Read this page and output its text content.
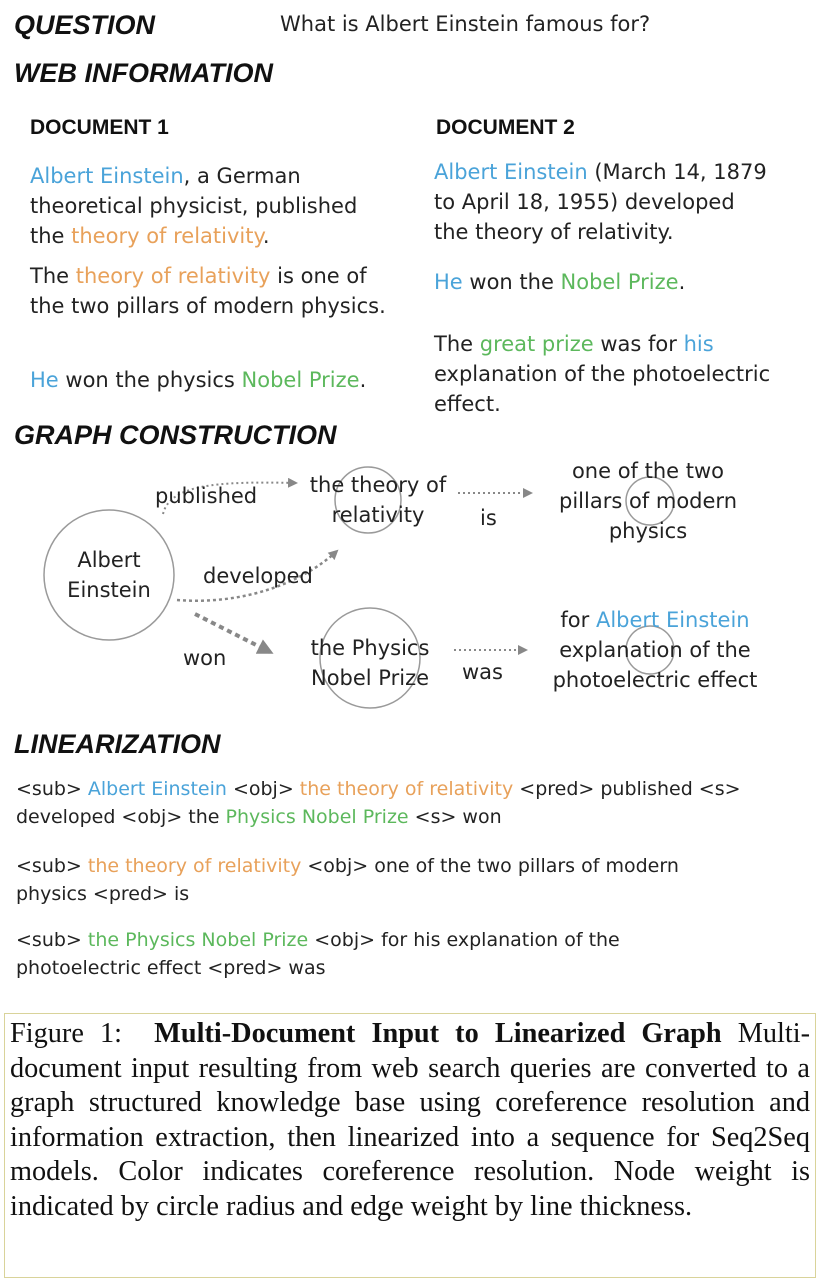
QUESTION	What is Albert Einstein famous for?
WEB INFORMATION
DOCUMENT 1
Albert Einstein, a German
theoretical physicist, published
the theory of relativity.
The theory of relativity is one of
the two pillars of modern physics.
He won the physics Nobel Prize.
DOCUMENT 2
Albert Einstein (March 14, 1879
to April 18, 1955) developed
the theory of relativity.
He won the Nobel Prize.
The great prize was for his
explanation of the photoelectric
effect.
GRAPH CONSTRUCTION
Albert
Einstein
the theory of
relativity
one of the two
pillars of modern
physics
the Physics
Nobel Prize
for Albert Einstein
explanation of the
photoelectric effect
published
developed
won
is
was
LINEARIZATION
<sub> Albert Einstein <obj> the theory of relativity <pred> published <s>
developed <obj> the Physics Nobel Prize <s> won
<sub> the theory of relativity <obj> one of the two pillars of modern
physics <pred> is
<sub> the Physics Nobel Prize <obj> for his explanation of the
photoelectric effect <pred> was
Figure 1: Multi-Document Input to Linearized Graph Multi-document input resulting from web search queries are converted to a graph structured knowledge base using coreference resolution and information extraction, then linearized into a sequence for Seq2Seq models. Color indicates coreference resolution. Node weight is indicated by circle radius and edge weight by line thickness.
